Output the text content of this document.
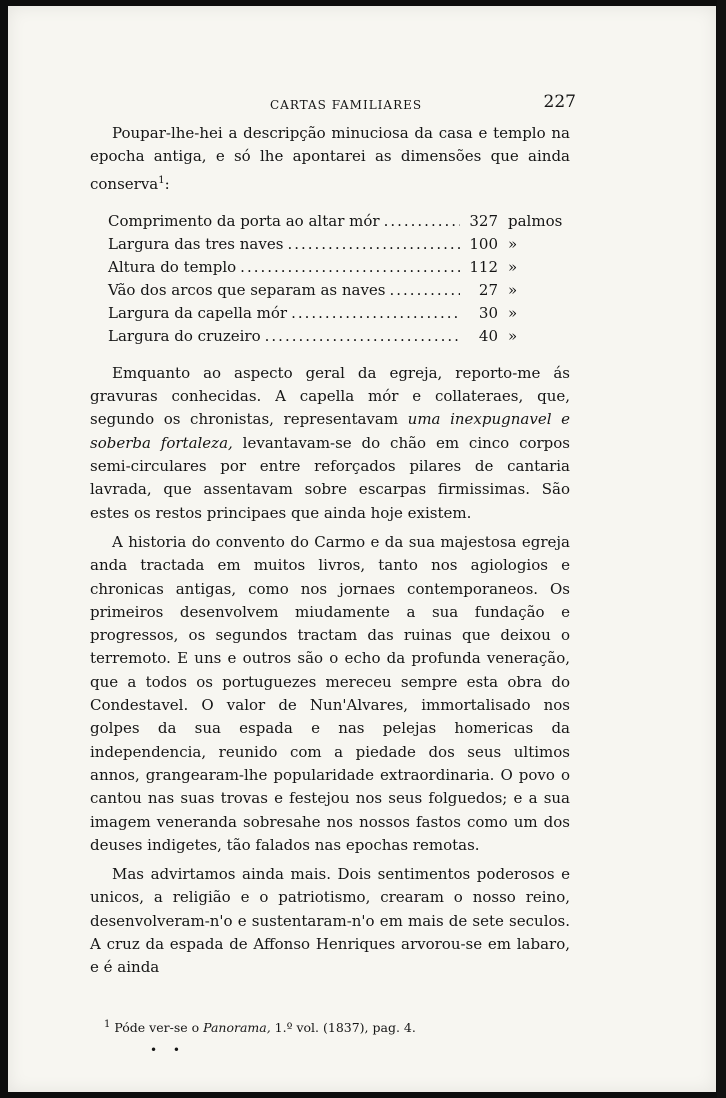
CARTAS FAMILIARES	227

Poupar-lhe-hei a descripção minuciosa da casa e templo na epocha antiga, e só lhe apontarei as dimensões que ainda conserva$^1$:

Comprimento da porta ao altar mór .....	327 palmos
Largura das tres naves .....	100 »
Altura do templo .....	112 »
Vão dos arcos que separam as naves .....	27 »
Largura da capella mór .....	30 »
Largura do cruzeiro .....	40 »

Emquanto ao aspecto geral da egreja, reporto-me ás gravuras conhecidas. A capella mór e collateraes, que, segundo os chronistas, representavam uma inexpugnavel e soberba fortaleza, levantavam-se do chão em cinco corpos semi-circulares por entre reforçados pilares de cantaria lavrada, que assentavam sobre escarpas firmissimas. São estes os restos principaes que ainda hoje existem.

A historia do convento do Carmo e da sua majestosa egreja anda tractada em muitos livros, tanto nos agiologios e chronicas antigas, como nos jornaes contemporaneos. Os primeiros desenvolvem miudamente a sua fundação e progressos, os segundos tractam das ruinas que deixou o terremoto. E uns e outros são o echo da profunda veneração, que a todos os portuguezes mereceu sempre esta obra do Condestavel. O valor de Nun'Alvares, immortalisado nos golpes da sua espada e nas pelejas homericas da independencia, reunido com a piedade dos seus ultimos annos, grangearam-lhe popularidade extraordinaria. O povo o cantou nas suas trovas e festejou nos seus folguedos; e a sua imagem veneranda sobresahe nos nossos fastos como um dos deuses indigetes, tão falados nas epochas remotas.

Mas advirtamos ainda mais. Dois sentimentos poderosos e unicos, a religião e o patriotismo, crearam o nosso reino, desenvolveram-n'o e sustentaram-n'o em mais de sete seculos. A cruz da espada de Affonso Henriques arvorou-se em labaro, e é ainda

$^1$ Póde ver-se o Panorama, 1.º vol. (1837), pag. 4.
• •
